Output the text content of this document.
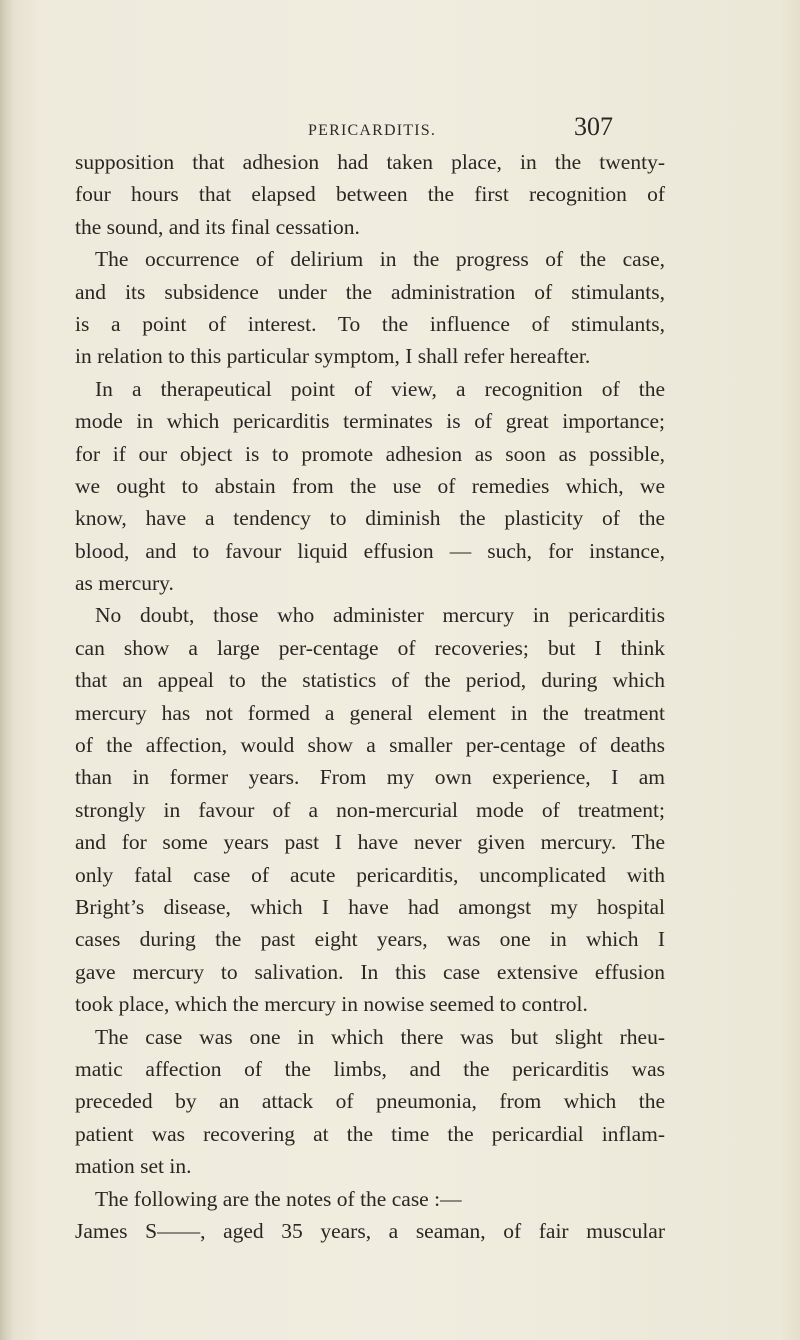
PERICARDITIS.	307
supposition that adhesion had taken place, in the twenty-
four hours that elapsed between the first recognition of
the sound, and its final cessation.
The occurrence of delirium in the progress of the case,
and its subsidence under the administration of stimulants,
is a point of interest. To the influence of stimulants,
in relation to this particular symptom, I shall refer hereafter.
In a therapeutical point of view, a recognition of the
mode in which pericarditis terminates is of great importance;
for if our object is to promote adhesion as soon as possible,
we ought to abstain from the use of remedies which, we
know, have a tendency to diminish the plasticity of the
blood, and to favour liquid effusion — such, for instance,
as mercury.
No doubt, those who administer mercury in pericarditis
can show a large per-centage of recoveries; but I think
that an appeal to the statistics of the period, during which
mercury has not formed a general element in the treatment
of the affection, would show a smaller per-centage of deaths
than in former years. From my own experience, I am
strongly in favour of a non-mercurial mode of treatment;
and for some years past I have never given mercury. The
only fatal case of acute pericarditis, uncomplicated with
Bright’s disease, which I have had amongst my hospital
cases during the past eight years, was one in which I
gave mercury to salivation. In this case extensive effusion
took place, which the mercury in nowise seemed to control.
The case was one in which there was but slight rheu-
matic affection of the limbs, and the pericarditis was
preceded by an attack of pneumonia, from which the
patient was recovering at the time the pericardial inflam-
mation set in.
The following are the notes of the case :—
James S——, aged 35 years, a seaman, of fair muscular
